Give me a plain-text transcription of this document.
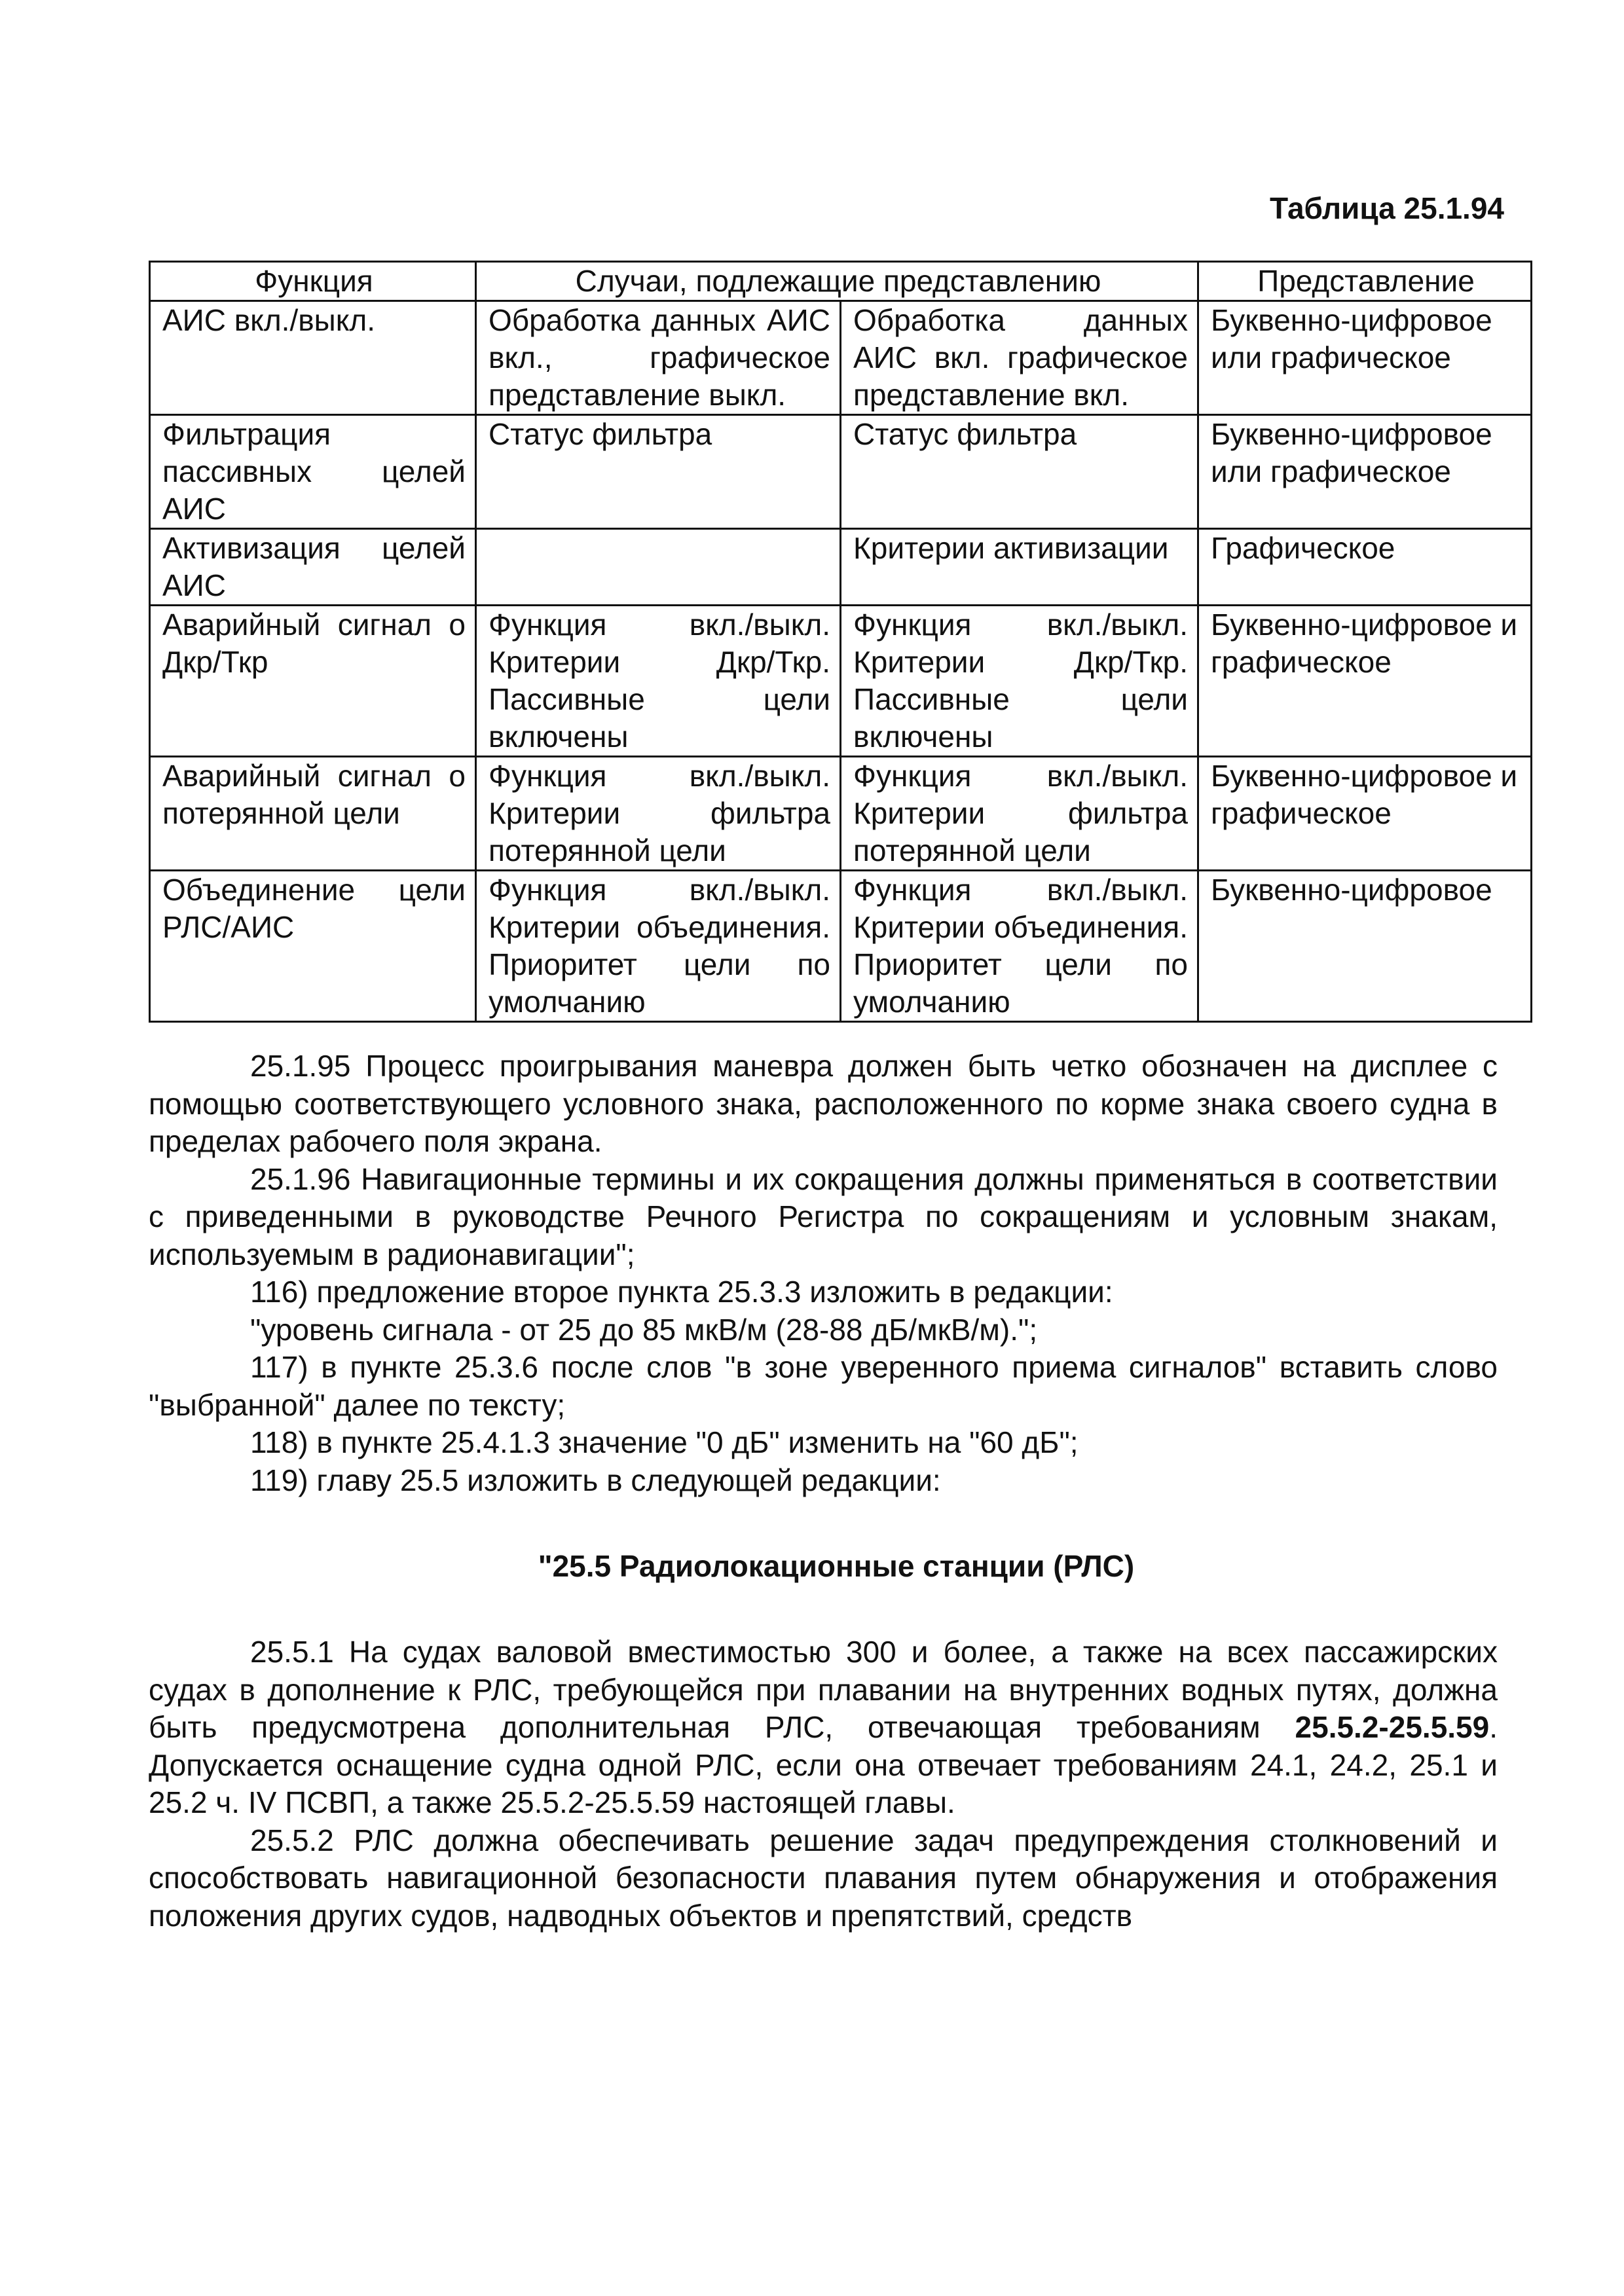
Таблица 25.1.94
Функция	Случаи, подлежащие представлению		Представление
АИС вкл./выкл.	Обработка данных АИС вкл., графическое представление выкл.	Обработка данных АИС вкл. графическое представление вкл.	Буквенно-цифровое или графическое
Фильтрация пассивных целей АИС	Статус фильтра	Статус фильтра	Буквенно-цифровое или графическое
Активизация целей АИС		Критерии активизации	Графическое
Аварийный сигнал о Дкр/Ткр	Функция вкл./выкл. Критерии Дкр/Ткр. Пассивные цели включены	Функция вкл./выкл. Критерии Дкр/Ткр. Пассивные цели включены	Буквенно-цифровое и графическое
Аварийный сигнал о потерянной цели	Функция вкл./выкл. Критерии фильтра потерянной цели	Функция вкл./выкл. Критерии фильтра потерянной цели	Буквенно-цифровое и графическое
Объединение цели РЛС/АИС	Функция вкл./выкл. Критерии объединения. Приоритет цели по умолчанию	Функция вкл./выкл. Критерии объединения. Приоритет цели по умолчанию	Буквенно-цифровое

25.1.95 Процесс проигрывания маневра должен быть четко обозначен на дисплее с помощью соответствующего условного знака, расположенного по корме знака своего судна в пределах рабочего поля экрана.

25.1.96 Навигационные термины и их сокращения должны применяться в соответствии с приведенными в руководстве Речного Регистра по сокращениям и условным знакам, используемым в радионавигации";

116) предложение второе пункта 25.3.3 изложить в редакции:

"уровень сигнала - от 25 до 85 мкВ/м (28-88 дБ/мкВ/м).";

117) в пункте 25.3.6 после слов "в зоне уверенного приема сигналов" вставить слово "выбранной" далее по тексту;

118) в пункте 25.4.1.3 значение "0 дБ" изменить на "60 дБ";

119) главу 25.5 изложить в следующей редакции:

"25.5 Радиолокационные станции (РЛС)

25.5.1 На судах валовой вместимостью 300 и более, а также на всех пассажирских судах в дополнение к РЛС, требующейся при плавании на внутренних водных путях, должна быть предусмотрена дополнительная РЛС, отвечающая требованиям 25.5.2-25.5.59. Допускается оснащение судна одной РЛС, если она отвечает требованиям 24.1, 24.2, 25.1 и 25.2 ч. IV ПСВП, а также 25.5.2-25.5.59 настоящей главы.

25.5.2 РЛС должна обеспечивать решение задач предупреждения столкновений и способствовать навигационной безопасности плавания путем обнаружения и отображения положения других судов, надводных объектов и препятствий, средств
